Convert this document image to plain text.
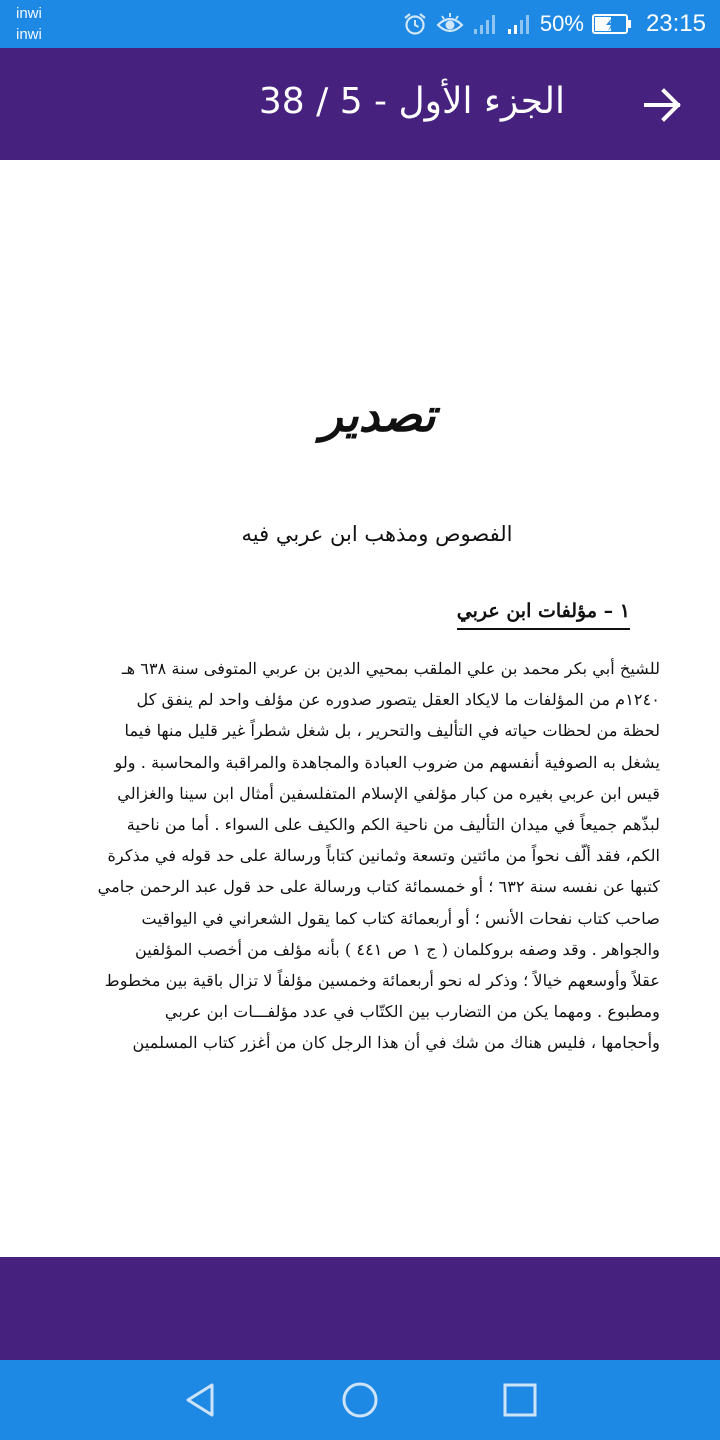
inwi
inwi	50%	23:15
الجزء الأول - 5 / 38
تصدير
الفصوص ومذهب ابن عربي فيه
١ – مؤلفات ابن عربي
للشيخ أبي بكر محمد بن علي الملقب بمحيي الدين بن عربي المتوفى سنة ٦٣٨ هـ
١٢٤٠م من المؤلفات ما لايكاد العقل يتصور صدوره عن مؤلف واحد لم ينفق كل
لحظة من لحظات حياته في التأليف والتحرير ، بل شغل شطراً غير قليل منها فيما
يشغل به الصوفية أنفسهم من ضروب العبادة والمجاهدة والمراقبة والمحاسبة . ولو
قيس ابن عربي بغيره من كبار مؤلفي الإسلام المتفلسفين أمثال ابن سينا والغزالي
لبذّهم جميعاً في ميدان التأليف من ناحية الكم والكيف على السواء . أما من ناحية
الكم، فقد ألّف نحواً من مائتين وتسعة وثمانين كتاباً ورسالة على حد قوله في مذكرة
كتبها عن نفسه سنة ٦٣٢ ؛ أو خمسمائة كتاب ورسالة على حد قول عبد الرحمن جامي
صاحب كتاب نفحات الأنس ؛ أو أربعمائة كتاب كما يقول الشعراني في اليواقيت
والجواهر . وقد وصفه بروكلمان ( ج ١ ص ٤٤١ ) بأنه مؤلف من أخصب المؤلفين
عقلاً وأوسعهم خيالاً ؛ وذكر له نحو أربعمائة وخمسين مؤلفاً لا تزال باقية بين مخطوط
ومطبوع . ومهما يكن من التضارب بين الكتّاب في عدد مؤلفـــات ابن عربي
وأحجامها ، فليس هناك من شك في أن هذا الرجل كان من أغزر كتاب المسلمين
